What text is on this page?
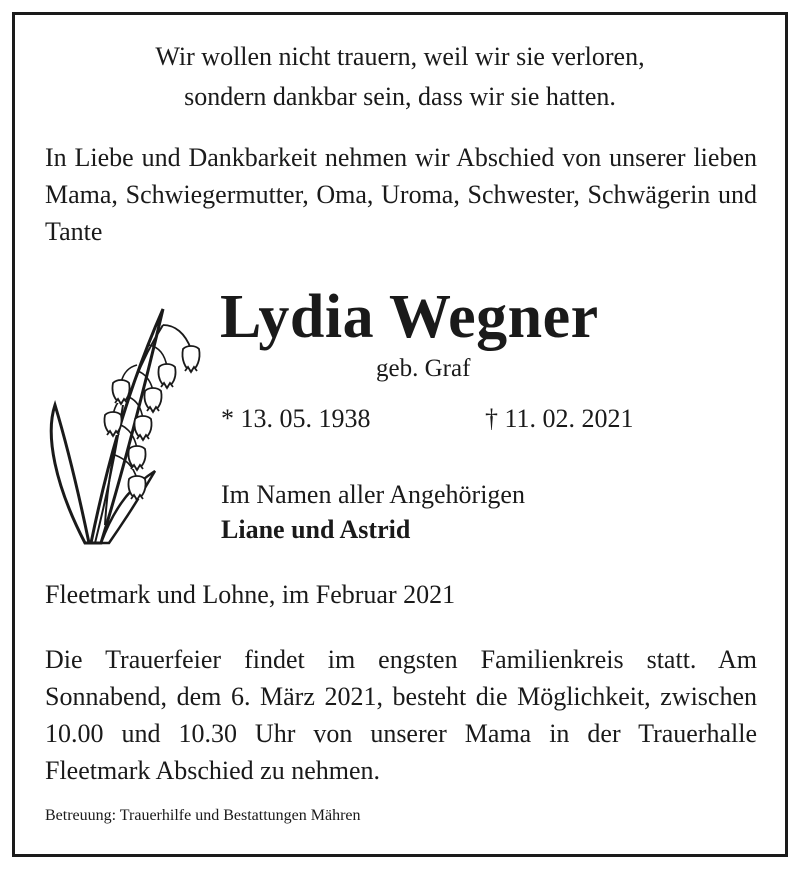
Wir wollen nicht trauern, weil wir sie verloren,
sondern dankbar sein, dass wir sie hatten.
In Liebe und Dankbarkeit nehmen wir Abschied von unserer lieben Mama, Schwiegermutter, Oma, Uroma, Schwester, Schwägerin und Tante
Lydia Wegner
geb. Graf
* 13. 05. 1938	† 11. 02. 2021
Im Namen aller Angehörigen
Liane und Astrid
Fleetmark und Lohne, im Februar 2021
Die Trauerfeier findet im engsten Familienkreis statt. Am Sonnabend, dem 6. März 2021, besteht die Möglichkeit, zwischen 10.00 und 10.30 Uhr von unserer Mama in der Trauerhalle Fleetmark Abschied zu nehmen.
Betreuung: Trauerhilfe und Bestattungen Mähren
